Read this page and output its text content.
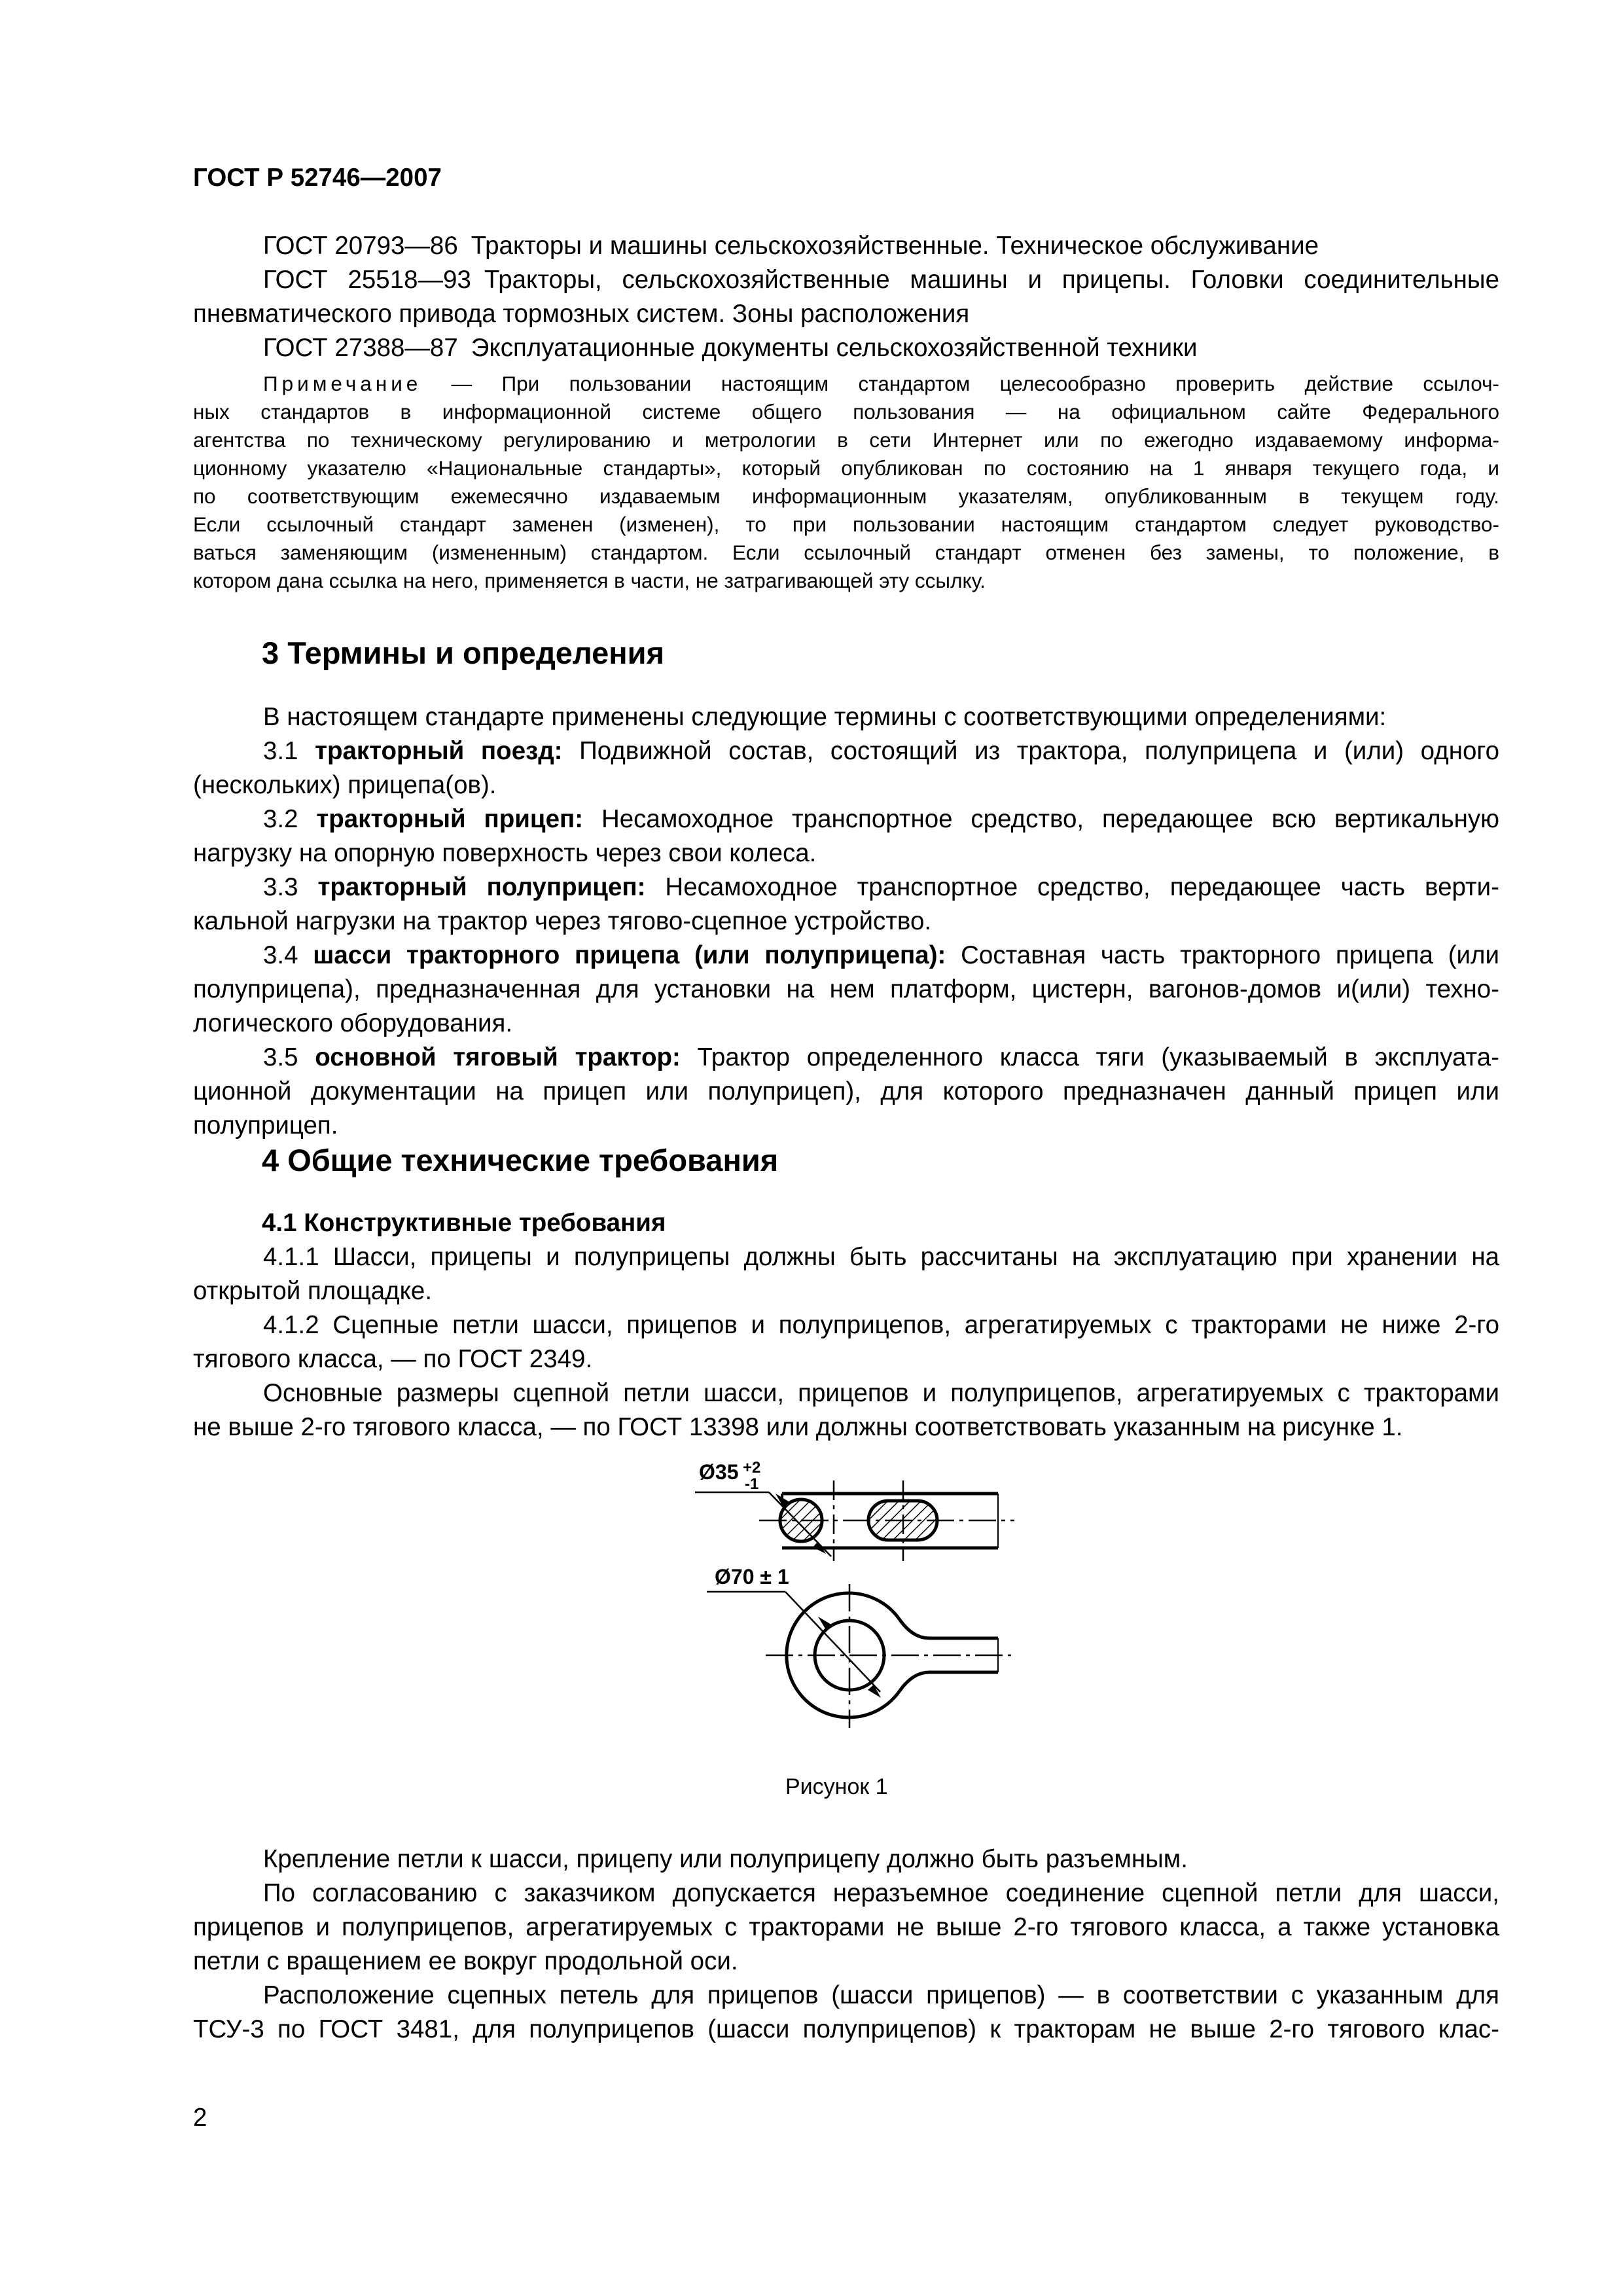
ГОСТ Р 52746—2007
ГОСТ 20793—86 Тракторы и машины сельскохозяйственные. Техническое обслуживание
ГОСТ 25518—93 Тракторы, сельскохозяйственные машины и прицепы. Головки соединительные
пневматического привода тормозных систем. Зоны расположения
ГОСТ 27388—87 Эксплуатационные документы сельскохозяйственной техники
Примечание — При пользовании настоящим стандартом целесообразно проверить действие ссылоч-
ных стандартов в информационной системе общего пользования — на официальном сайте Федерального
агентства по техническому регулированию и метрологии в сети Интернет или по ежегодно издаваемому информа-
ционному указателю «Национальные стандарты», который опубликован по состоянию на 1 января текущего года, и
по соответствующим ежемесячно издаваемым информационным указателям, опубликованным в текущем году.
Если ссылочный стандарт заменен (изменен), то при пользовании настоящим стандартом следует руководство-
ваться заменяющим (измененным) стандартом. Если ссылочный стандарт отменен без замены, то положение, в
котором дана ссылка на него, применяется в части, не затрагивающей эту ссылку.
3 Термины и определения
В настоящем стандарте применены следующие термины с соответствующими определениями:
3.1 тракторный поезд: Подвижной состав, состоящий из трактора, полуприцепа и (или) одного
(нескольких) прицепа(ов).
3.2 тракторный прицеп: Несамоходное транспортное средство, передающее всю вертикальную
нагрузку на опорную поверхность через свои колеса.
3.3 тракторный полуприцеп: Несамоходное транспортное средство, передающее часть верти-
кальной нагрузки на трактор через тягово-сцепное устройство.
3.4 шасси тракторного прицепа (или полуприцепа): Составная часть тракторного прицепа (или
полуприцепа), предназначенная для установки на нем платформ, цистерн, вагонов-домов и(или) техно-
логического оборудования.
3.5 основной тяговый трактор: Трактор определенного класса тяги (указываемый в эксплуата-
ционной документации на прицеп или полуприцеп), для которого предназначен данный прицеп или
полуприцеп.
4 Общие технические требования
4.1 Конструктивные требования
4.1.1 Шасси, прицепы и полуприцепы должны быть рассчитаны на эксплуатацию при хранении на
открытой площадке.
4.1.2 Сцепные петли шасси, прицепов и полуприцепов, агрегатируемых с тракторами не ниже 2-го
тягового класса, — по ГОСТ 2349.
Основные размеры сцепной петли шасси, прицепов и полуприцепов, агрегатируемых с тракторами
не выше 2-го тягового класса, — по ГОСТ 13398 или должны соответствовать указанным на рисунке 1.
Ø35 +2
-1
Ø70 ± 1
Рисунок 1
Крепление петли к шасси, прицепу или полуприцепу должно быть разъемным.
По согласованию с заказчиком допускается неразъемное соединение сцепной петли для шасси,
прицепов и полуприцепов, агрегатируемых с тракторами не выше 2-го тягового класса, а также установка
петли с вращением ее вокруг продольной оси.
Расположение сцепных петель для прицепов (шасси прицепов) — в соответствии с указанным для
ТСУ-3 по ГОСТ 3481, для полуприцепов (шасси полуприцепов) к тракторам не выше 2-го тягового клас-
2
